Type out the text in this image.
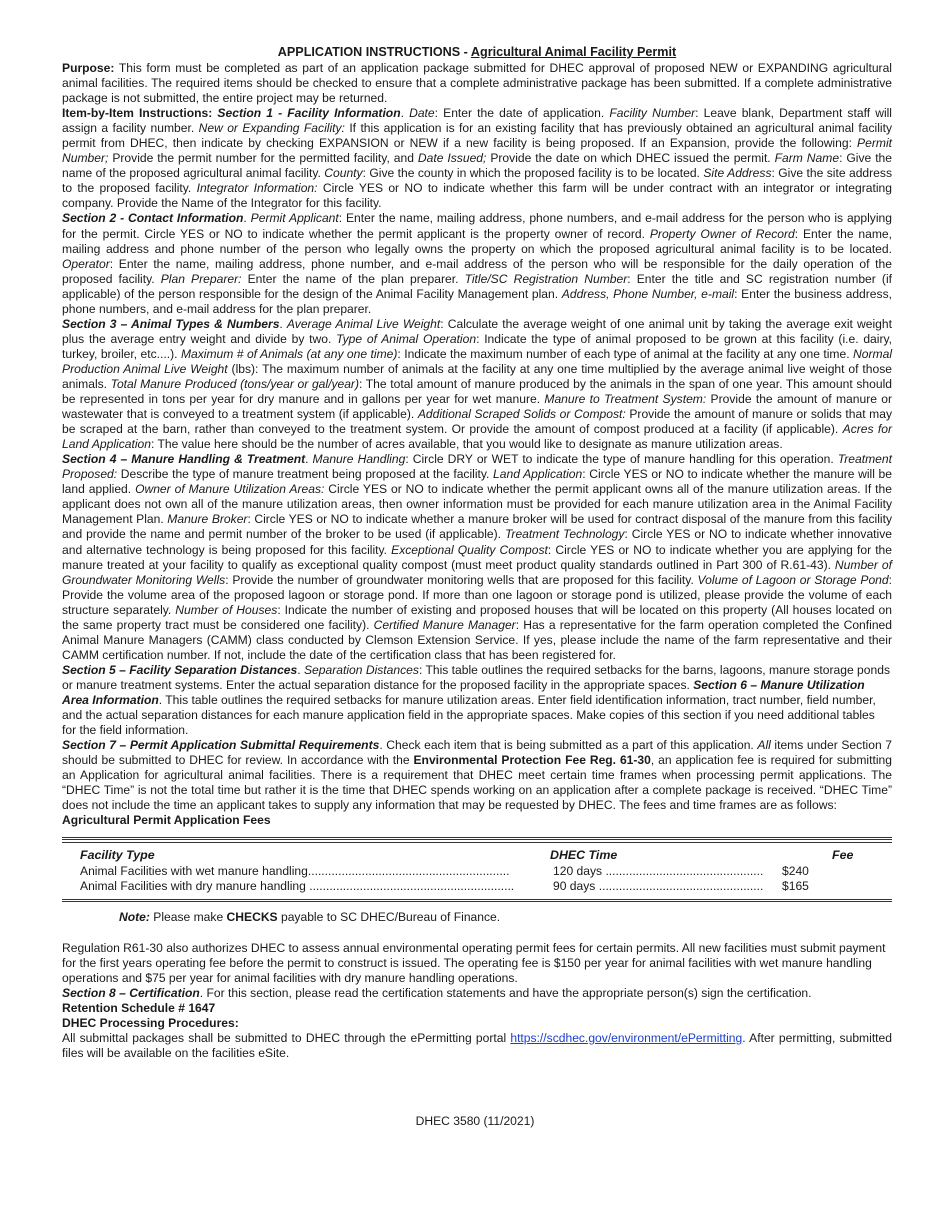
APPLICATION INSTRUCTIONS - Agricultural Animal Facility Permit

Purpose: This form must be completed as part of an application package submitted for DHEC approval of proposed NEW or EXPANDING agricultural animal facilities. The required items should be checked to ensure that a complete administrative package has been submitted. If a complete administrative package is not submitted, the entire project may be returned.

Item-by-Item Instructions: Section 1 - Facility Information. Date: Enter the date of application. Facility Number: Leave blank, Department staff will assign a facility number. New or Expanding Facility: If this application is for an existing facility that has previously obtained an agricultural animal facility permit from DHEC, then indicate by checking EXPANSION or NEW if a new facility is being proposed. If an Expansion, provide the following: Permit Number; Provide the permit number for the permitted facility, and Date Issued; Provide the date on which DHEC issued the permit. Farm Name: Give the name of the proposed agricultural animal facility. County: Give the county in which the proposed facility is to be located. Site Address: Give the site address to the proposed facility. Integrator Information: Circle YES or NO to indicate whether this farm will be under contract with an integrator or integrating company. Provide the Name of the Integrator for this facility.

Section 2 - Contact Information. Permit Applicant: Enter the name, mailing address, phone numbers, and e-mail address for the person who is applying for the permit. Circle YES or NO to indicate whether the permit applicant is the property owner of record. Property Owner of Record: Enter the name, mailing address and phone number of the person who legally owns the property on which the proposed agricultural animal facility is to be located. Operator: Enter the name, mailing address, phone number, and e-mail address of the person who will be responsible for the daily operation of the proposed facility. Plan Preparer: Enter the name of the plan preparer. Title/SC Registration Number: Enter the title and SC registration number (if applicable) of the person responsible for the design of the Animal Facility Management plan. Address, Phone Number, e-mail: Enter the business address, phone numbers, and e-mail address for the plan preparer.

Section 3 – Animal Types & Numbers. Average Animal Live Weight: Calculate the average weight of one animal unit by taking the average exit weight plus the average entry weight and divide by two. Type of Animal Operation: Indicate the type of animal proposed to be grown at this facility (i.e. dairy, turkey, broiler, etc....). Maximum # of Animals (at any one time): Indicate the maximum number of each type of animal at the facility at any one time. Normal Production Animal Live Weight (lbs): The maximum number of animals at the facility at any one time multiplied by the average animal live weight of those animals. Total Manure Produced (tons/year or gal/year): The total amount of manure produced by the animals in the span of one year. This amount should be represented in tons per year for dry manure and in gallons per year for wet manure. Manure to Treatment System: Provide the amount of manure or wastewater that is conveyed to a treatment system (if applicable). Additional Scraped Solids or Compost: Provide the amount of manure or solids that may be scraped at the barn, rather than conveyed to the treatment system. Or provide the amount of compost produced at a facility (if applicable). Acres for Land Application: The value here should be the number of acres available, that you would like to designate as manure utilization areas.

Section 4 – Manure Handling & Treatment. Manure Handling: Circle DRY or WET to indicate the type of manure handling for this operation. Treatment Proposed: Describe the type of manure treatment being proposed at the facility. Land Application: Circle YES or NO to indicate whether the manure will be land applied. Owner of Manure Utilization Areas: Circle YES or NO to indicate whether the permit applicant owns all of the manure utilization areas. If the applicant does not own all of the manure utilization areas, then owner information must be provided for each manure utilization area in the Animal Facility Management Plan. Manure Broker: Circle YES or NO to indicate whether a manure broker will be used for contract disposal of the manure from this facility and provide the name and permit number of the broker to be used (if applicable). Treatment Technology: Circle YES or NO to indicate whether innovative and alternative technology is being proposed for this facility. Exceptional Quality Compost: Circle YES or NO to indicate whether you are applying for the manure treated at your facility to qualify as exceptional quality compost (must meet product quality standards outlined in Part 300 of R.61-43). Number of Groundwater Monitoring Wells: Provide the number of groundwater monitoring wells that are proposed for this facility. Volume of Lagoon or Storage Pond: Provide the volume area of the proposed lagoon or storage pond. If more than one lagoon or storage pond is utilized, please provide the volume of each structure separately. Number of Houses: Indicate the number of existing and proposed houses that will be located on this property (All houses located on the same property tract must be considered one facility). Certified Manure Manager: Has a representative for the farm operation completed the Confined Animal Manure Managers (CAMM) class conducted by Clemson Extension Service. If yes, please include the name of the farm representative and their CAMM certification number. If not, include the date of the certification class that has been registered for.

Section 5 – Facility Separation Distances. Separation Distances: This table outlines the required setbacks for the barns, lagoons, manure storage ponds or manure treatment systems. Enter the actual separation distance for the proposed facility in the appropriate spaces. Section 6 – Manure Utilization Area Information. This table outlines the required setbacks for manure utilization areas. Enter field identification information, tract number, field number, and the actual separation distances for each manure application field in the appropriate spaces. Make copies of this section if you need additional tables for the field information.

Section 7 – Permit Application Submittal Requirements. Check each item that is being submitted as a part of this application. All items under Section 7 should be submitted to DHEC for review. In accordance with the Environmental Protection Fee Reg. 61-30, an application fee is required for submitting an Application for agricultural animal facilities. There is a requirement that DHEC meet certain time frames when processing permit applications. The “DHEC Time” is not the total time but rather it is the time that DHEC spends working on an application after a complete package is received. “DHEC Time” does not include the time an applicant takes to supply any information that may be requested by DHEC. The fees and time frames are as follows:

Agricultural Permit Application Fees

Facility Type	DHEC Time	Fee
Animal Facilities with wet manure handling............................................................	120 days ............................................... $240
Animal Facilities with dry manure handling .............................................................	90 days ................................................. $165

Note: Please make CHECKS payable to SC DHEC/Bureau of Finance.

Regulation R61-30 also authorizes DHEC to assess annual environmental operating permit fees for certain permits. All new facilities must submit payment for the first years operating fee before the permit to construct is issued. The operating fee is $150 per year for animal facilities with wet manure handling operations and $75 per year for animal facilities with dry manure handling operations.

Section 8 – Certification. For this section, please read the certification statements and have the appropriate person(s) sign the certification.

Retention Schedule # 1647

DHEC Processing Procedures:

All submittal packages shall be submitted to DHEC through the ePermitting portal https://scdhec.gov/environment/ePermitting. After permitting, submitted files will be available on the facilities eSite.

DHEC 3580 (11/2021)
